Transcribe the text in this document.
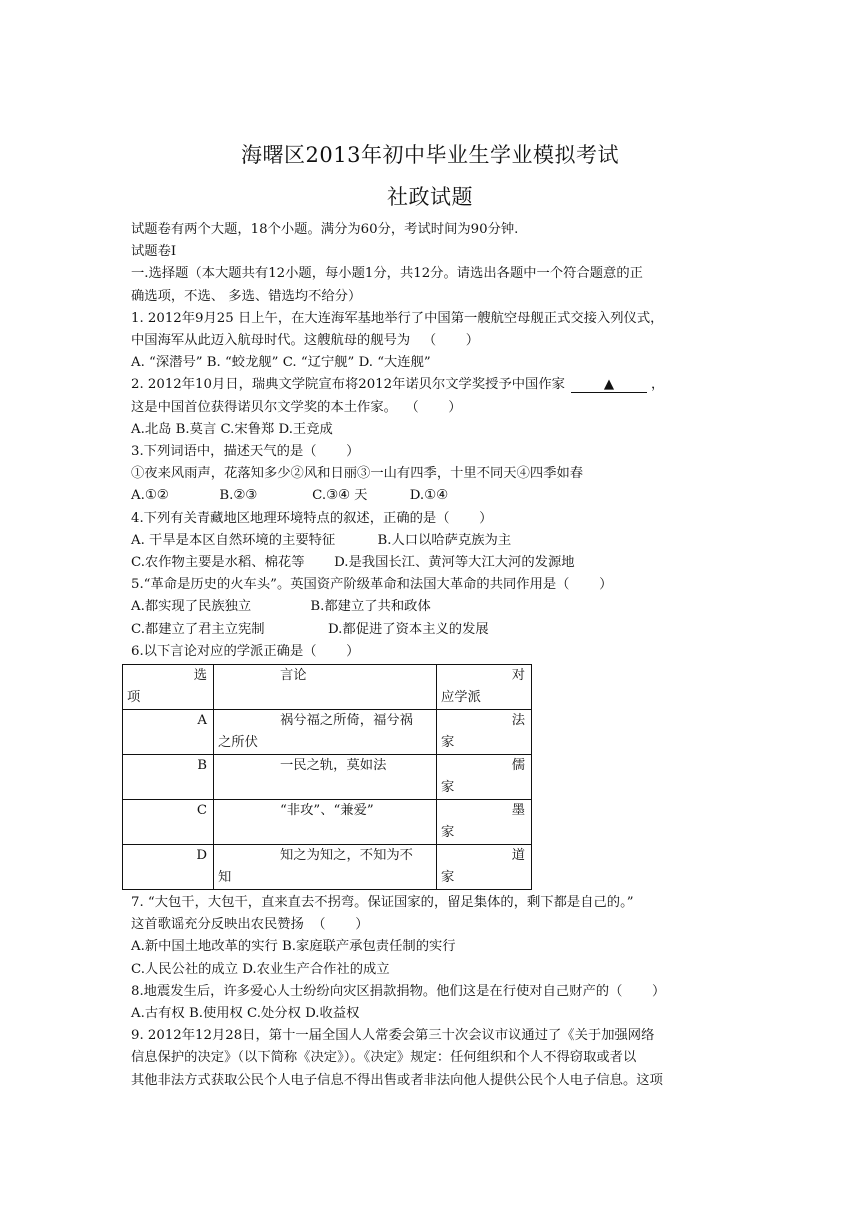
海曙区2013年初中毕业生学业模拟考试
社政试题

试题卷有两个大题，18个小题。满分为60分，考试时间为90分钟.

试题卷Ⅰ

一.选择题（本大题共有12小题，每小题1分，共12分。请选出各题中一个符合题意的正

确选项，不选、 多选、错选均不给分）

1. 2012年9月25 日上午，在大连海军基地举行了中国第一艘航空母舰正式交接入列仪式，

中国海军从此迈入航母时代。这艘航母的舰号为   （       ）

A. “深潜号” B. “蛟龙舰” C. “辽宁舰” D. “大连舰”

2. 2012年10月日，瑞典文学院宣布将2012年诺贝尔文学奖授予中国作家	▲	，

这是中国首位获得诺贝尔文学奖的本土作家。  （       ）

A.北岛 B.莫言 C.宋鲁郑 D.王竞成

3.下列词语中，描述天气的是（       ）

①夜来风雨声，花落知多少②风和日丽③一山有四季，十里不同天④四季如春

A.①②            B.②③             C.③④ 天          D.①④

4.下列有关青藏地区地理环境特点的叙述，正确的是（       ）

A. 干旱是本区自然环境的主要特征          B.人口以哈萨克族为主

C.农作物主要是水稻、棉花等       D.是我国长江、黄河等大江大河的发源地

5.“革命是历史的火车头”。英国资产阶级革命和法国大革命的共同作用是（       ）

A.都实现了民族独立              B.都建立了共和政体

C.都建立了君主立宪制               D.都促进了资本主义的发展

6.以下言论对应的学派正确是（       ）

选
项	言论	对
应学派

A	祸兮福之所倚，福兮祸
之所伏	法
家

B	一民之轨，莫如法	儒
家

C	“非攻”、“兼爱”	墨
家

D	知之为知之，不知为不
知	道
家

7. “大包干，大包干，直来直去不拐弯。保证国家的，留足集体的，剩下都是自己的。”

这首歌谣充分反映出农民赞扬  （       ）

A.新中国土地改革的实行 B.家庭联产承包责任制的实行

C.人民公社的成立 D.农业生产合作社的成立

8.地震发生后，许多爱心人士纷纷向灾区捐款捐物。他们这是在行使对自己财产的（       ）

A.古有权 B.使用权 C.处分权 D.收益权

9. 2012年12月28日，第十一届全国人人常委会第三十次会议市议通过了《关于加强网络

信息保护的决定》（以下简称《决定》）。《决定》规定：任何组织和个人不得窃取或者以

其他非法方式获取公民个人电子信息不得出售或者非法向他人提供公民个人电子信息。这项
